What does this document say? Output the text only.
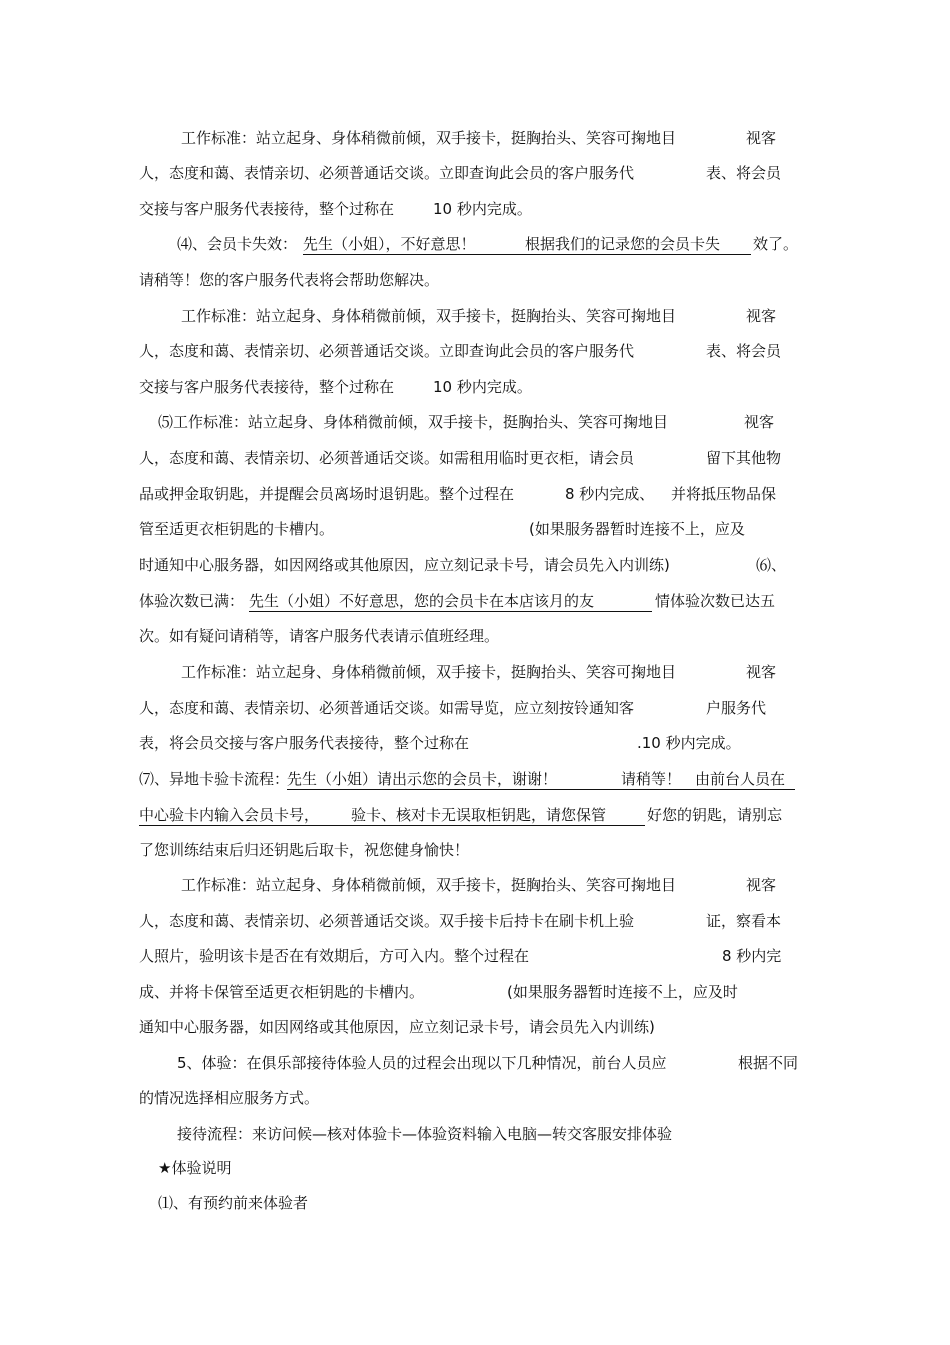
工作标准：站立起身、身体稍微前倾，双手接卡，挺胸抬头、笑容可掬地目	视客
人，态度和蔼、表情亲切、必须普通话交谈。立即查询此会员的客户服务代	表、将会员
交接与客户服务代表接待，整个过称在	10 秒内完成。
⑷、会员卡失效： 先生（小姐），不好意思！	根据我们的记录您的会员卡失	效了。
请稍等！您的客户服务代表将会帮助您解决。
工作标准：站立起身、身体稍微前倾，双手接卡，挺胸抬头、笑容可掬地目	视客
人，态度和蔼、表情亲切、必须普通话交谈。立即查询此会员的客户服务代	表、将会员
交接与客户服务代表接待，整个过称在	10 秒内完成。
⑸工作标准：站立起身、身体稍微前倾，双手接卡，挺胸抬头、笑容可掬地目	视客
人，态度和蔼、表情亲切、必须普通话交谈。如需租用临时更衣柜，请会员	留下其他物
品或押金取钥匙，并提醒会员离场时退钥匙。整个过程在	8 秒内完成、 并将抵压物品保
管至适更衣柜钥匙的卡槽内。	(如果服务器暂时连接不上，应及
时通知中心服务器，如因网络或其他原因，应立刻记录卡号，请会员先入内训练)	⑹、
体验次数已满： 先生（小姐）不好意思，您的会员卡在本店该月的友	情体验次数已达五
次。如有疑问请稍等，请客户服务代表请示值班经理。
工作标准：站立起身、身体稍微前倾，双手接卡，挺胸抬头、笑容可掬地目	视客
人，态度和蔼、表情亲切、必须普通话交谈。如需导览，应立刻按铃通知客	户服务代
表，将会员交接与客户服务代表接待，整个过称在	.10 秒内完成。
⑺、异地卡验卡流程：
先生（小姐）请出示您的会员卡，谢谢！	请稍等！ 由前台人员在
中心验卡内输入会员卡号，	验卡、核对卡无误取柜钥匙，请您保管	好您的钥匙，请别忘
了您训练结束后归还钥匙后取卡，祝您健身愉快！
工作标准：站立起身、身体稍微前倾，双手接卡，挺胸抬头、笑容可掬地目	视客
人，态度和蔼、表情亲切、必须普通话交谈。双手接卡后持卡在刷卡机上验	证，察看本
人照片，验明该卡是否在有效期后，方可入内。整个过程在	8 秒内完
成、并将卡保管至适更衣柜钥匙的卡槽内。	(如果服务器暂时连接不上，应及时
通知中心服务器，如因网络或其他原因，应立刻记录卡号，请会员先入内训练)
5、体验：在俱乐部接待体验人员的过程会出现以下几种情况，前台人员应	根据不同
的情况选择相应服务方式。
接待流程：来访问候—核对体验卡—体验资料输入电脑—转交客服安排体验
★体验说明
⑴、有预约前来体验者
